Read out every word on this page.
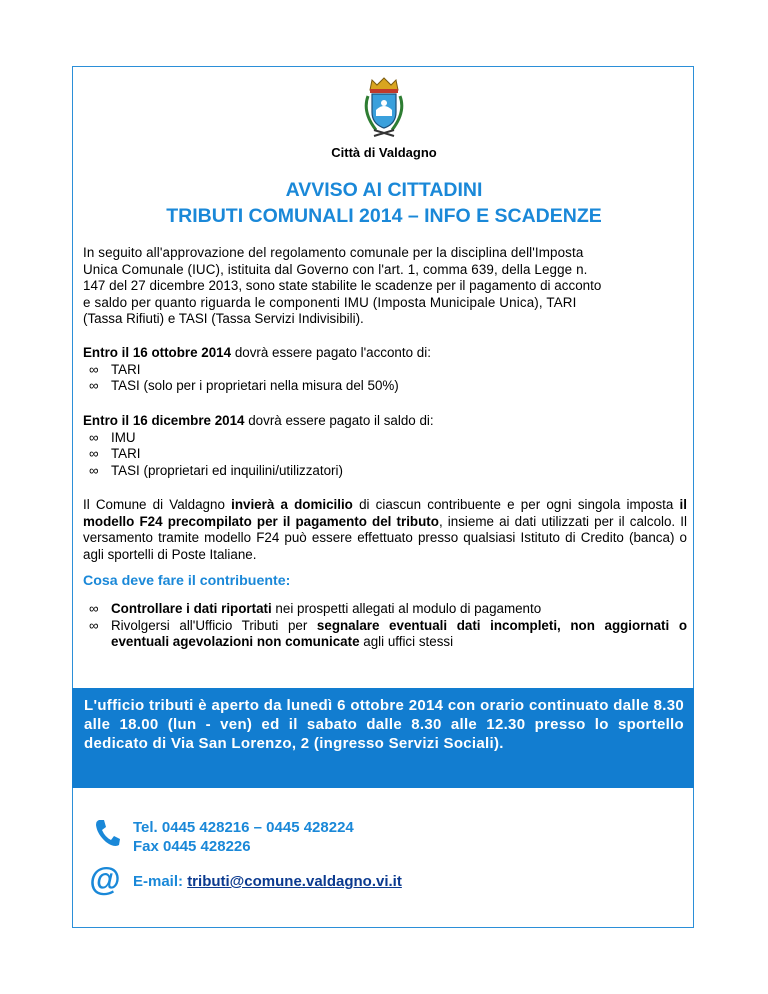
Città di Valdagno
AVVISO AI CITTADINI
TRIBUTI COMUNALI 2014 – INFO E SCADENZE
In seguito all'approvazione del regolamento comunale per la disciplina dell'Imposta
Unica Comunale (IUC), istituita dal Governo con l'art. 1, comma 639, della Legge n.
147 del 27 dicembre 2013, sono state stabilite le scadenze per il pagamento di acconto
e saldo per quanto riguarda le componenti IMU (Imposta Municipale Unica), TARI
(Tassa Rifiuti) e TASI (Tassa Servizi Indivisibili).
Entro il 16 ottobre 2014 dovrà essere pagato l'acconto di:
∞ TARI
∞ TASI (solo per i proprietari nella misura del 50%)
Entro il 16 dicembre 2014 dovrà essere pagato il saldo di:
∞ IMU
∞ TARI
∞ TASI (proprietari ed inquilini/utilizzatori)
Il Comune di Valdagno invierà a domicilio di ciascun contribuente e per ogni singola imposta il modello F24 precompilato per il pagamento del tributo, insieme ai dati utilizzati per il calcolo. Il versamento tramite modello F24 può essere effettuato presso qualsiasi Istituto di Credito (banca) o agli sportelli di Poste Italiane.
Cosa deve fare il contribuente:
∞ Controllare i dati riportati nei prospetti allegati al modulo di pagamento
∞ Rivolgersi all'Ufficio Tributi per segnalare eventuali dati incompleti, non aggiornati o eventuali agevolazioni non comunicate agli uffici stessi
L'ufficio tributi è aperto da lunedì 6 ottobre 2014 con orario continuato dalle 8.30 alle 18.00 (lun - ven) ed il sabato dalle 8.30 alle 12.30 presso lo sportello dedicato di Via San Lorenzo, 2 (ingresso Servizi Sociali).
Tel. 0445 428216 – 0445 428224
Fax 0445 428226
@ E-mail: tributi@comune.valdagno.vi.it
